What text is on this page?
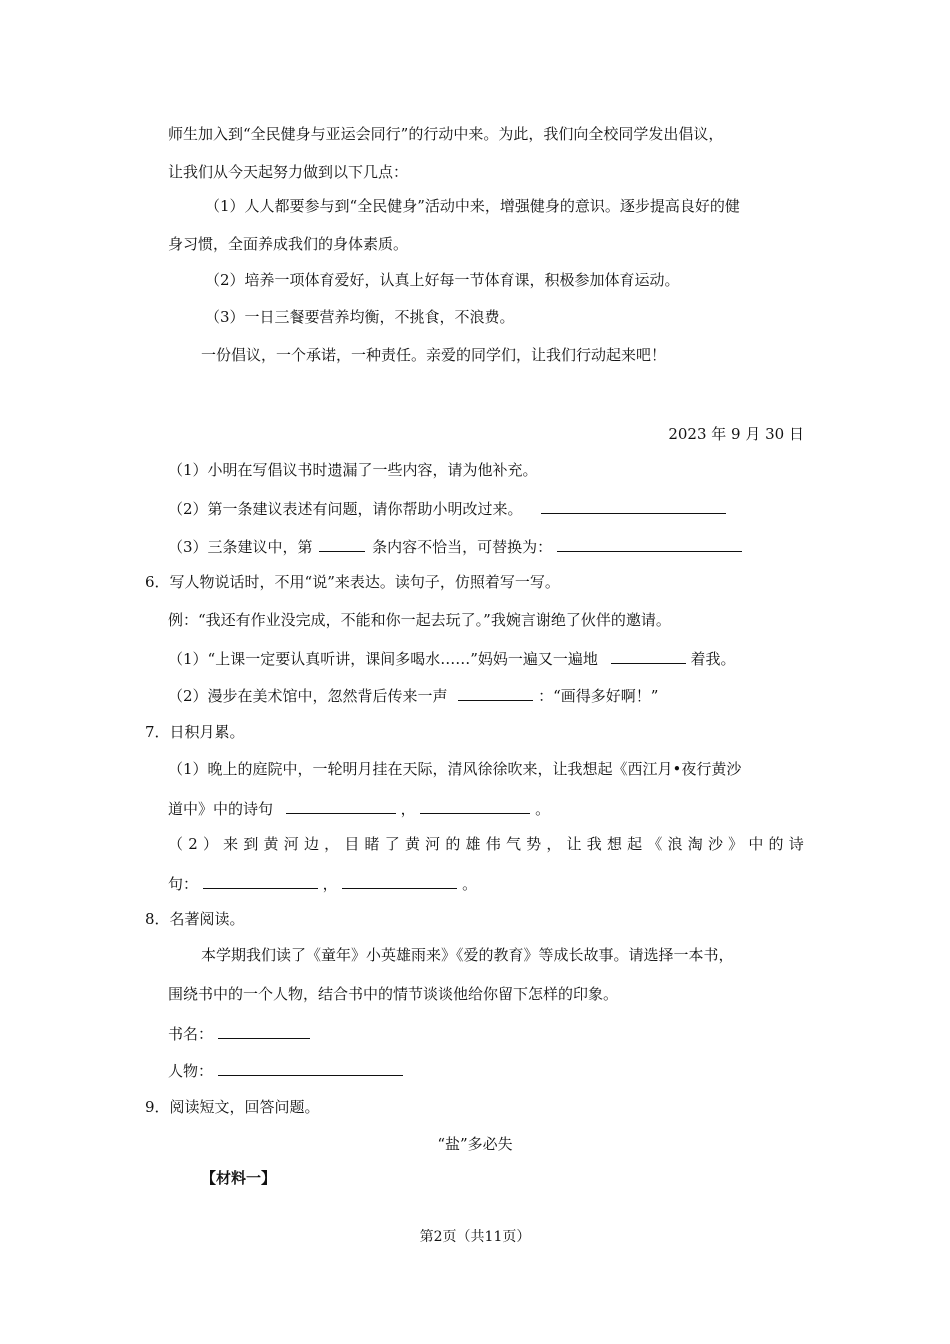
师生加入到“全民健身与亚运会同行”的行动中来。为此，我们向全校同学发出倡议，
让我们从今天起努力做到以下几点：
（1）人人都要参与到“全民健身”活动中来，增强健身的意识。逐步提高良好的健
身习惯，全面养成我们的身体素质。
（2）培养一项体育爱好，认真上好每一节体育课，积极参加体育运动。
（3）一日三餐要营养均衡，不挑食，不浪费。
一份倡议，一个承诺，一种责任。亲爱的同学们，让我们行动起来吧！
2023 年 9 月 30 日
（1）小明在写倡议书时遗漏了一些内容，请为他补充。
（2）第一条建议表述有问题，请你帮助小明改过来。
（3）三条建议中，第	条内容不恰当，可替换为：
6．写人物说话时，不用“说”来表达。读句子，仿照着写一写。
例：“我还有作业没完成，不能和你一起去玩了。”我婉言谢绝了伙伴的邀请。
（1）“上课一定要认真听讲，课间多喝水……”妈妈一遍又一遍地	着我。
（2）漫步在美术馆中，忽然背后传来一声	：“画得多好啊！”
7．日积月累。
（1）晚上的庭院中，一轮明月挂在天际，清风徐徐吹来，让我想起《西江月•夜行黄沙
道中》中的诗句	，	。
（2）来到黄河边，目睹了黄河的雄伟气势，让我想起《浪淘沙》中的诗
句：	，	。
8．名著阅读。
本学期我们读了《童年》小英雄雨来》《爱的教育》等成长故事。请选择一本书，
围绕书中的一个人物，结合书中的情节谈谈他给你留下怎样的印象。
书名：
人物：
9．阅读短文，回答问题。
“盐”多必失
【材料一】
第2页（共11页）
